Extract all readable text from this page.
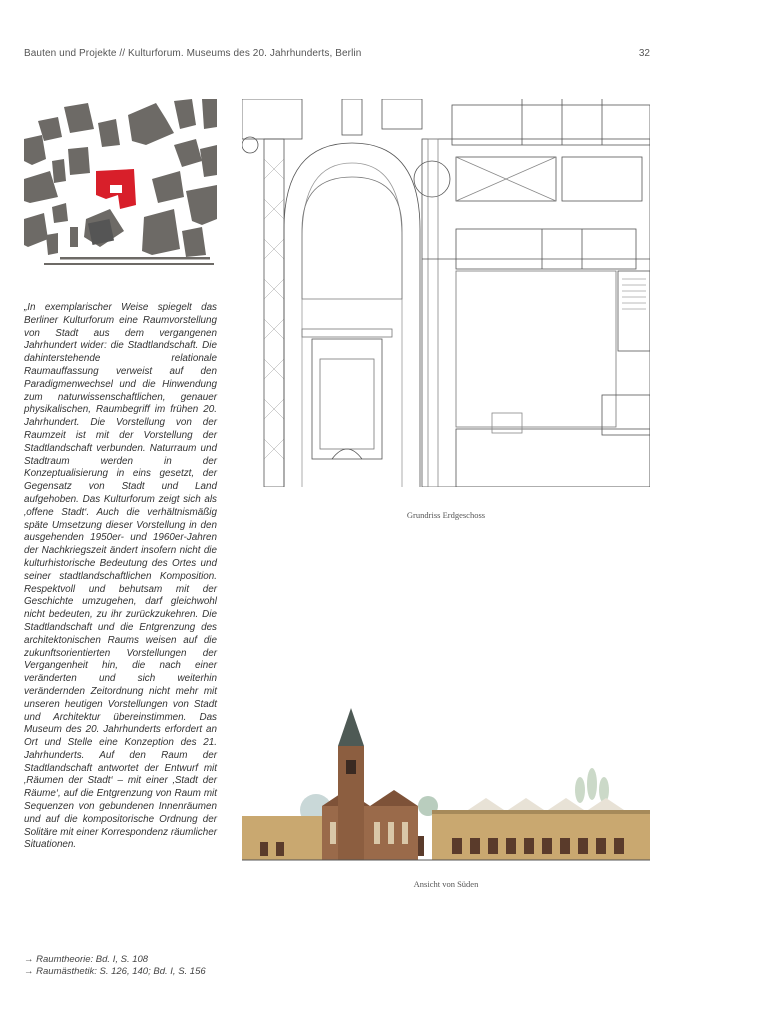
Bauten und Projekte // Kulturforum. Museums des 20. Jahrhunderts, Berlin	32

„In exemplarischer Weise spiegelt das Berliner Kulturforum eine Raumvorstellung von Stadt aus dem vergangenen Jahrhundert wider: die Stadtlandschaft. Die dahinterstehende relationale Raumauffassung verweist auf den Paradigmenwechsel und die Hinwendung zum naturwissenschaftlichen, genauer physikalischen, Raumbegriff im frühen 20. Jahrhundert. Die Vorstellung von der Raumzeit ist mit der Vorstellung der Stadtlandschaft verbunden. Naturraum und Stadtraum werden in der Konzeptualisierung in eins gesetzt, der Gegensatz von Stadt und Land aufgehoben. Das Kulturforum zeigt sich als ‚offene Stadt‘. Auch die verhältnismäßig späte Umsetzung dieser Vorstellung in den ausgehenden 1950er- und 1960er-Jahren der Nachkriegszeit ändert insofern nicht die kulturhistorische Bedeutung des Ortes und seiner stadtlandschaftlichen Komposition. Respektvoll und behutsam mit der Geschichte umzugehen, darf gleichwohl nicht bedeuten, zu ihr zurückzukehren. Die Stadtlandschaft und die Entgrenzung des architektonischen Raums weisen auf die zukunftsorientierten Vorstellungen der Vergangenheit hin, die nach einer veränderten und sich weiterhin verändernden Zeitordnung nicht mehr mit unseren heutigen Vorstellungen von Stadt und Architektur übereinstimmen. Das Museum des 20. Jahrhunderts erfordert an Ort und Stelle eine Konzeption des 21. Jahrhunderts. Auf den Raum der Stadtlandschaft antwortet der Entwurf mit ‚Räumen der Stadt‘ – mit einer ‚Stadt der Räume‘, auf die Entgrenzung von Raum mit Sequenzen von gebundenen Innenräumen und auf die kompositorische Ordnung der Solitäre mit einer Korrespondenz räumlicher Situationen.

Grundriss Erdgeschoss
Ansicht von Süden
→ Raumtheorie: Bd. I, S. 108
→ Raumästhetik: S. 126, 140; Bd. I, S. 156
